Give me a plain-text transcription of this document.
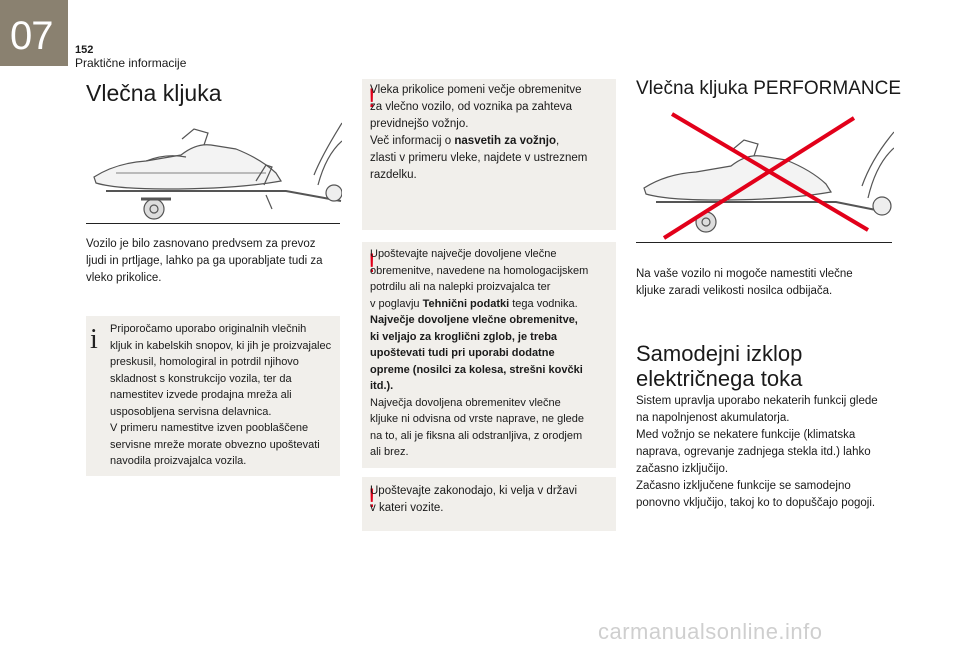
07 152
Praktične informacije
Vlečna kljuka
Vozilo je bilo zasnovano predvsem za prevoz
ljudi in prtljage, lahko pa ga uporabljate tudi za
vleko prikolice.
i Priporočamo uporabo originalnih vlečnih
kljuk in kabelskih snopov, ki jih je proizvajalec
preskusil, homologiral in potrdil njihovo
skladnost s konstrukcijo vozila, ter da
namestitev izvede prodajna mreža ali
usposobljena servisna delavnica.
V primeru namestitve izven pooblaščene
servisne mreže morate obvezno upoštevati
navodila proizvajalca vozila.
!
Vleka prikolice pomeni večje obremenitve
za vlečno vozilo, od voznika pa zahteva
previdnejšo vožnjo.
Več informacij o nasvetih za vožnjo,
zlasti v primeru vleke, najdete v ustreznem
razdelku.
!
Upoštevajte največje dovoljene vlečne
obremenitve, navedene na homologacijskem
potrdilu ali na nalepki proizvajalca ter
v poglavju Tehnični podatki tega vodnika.
Največje dovoljene vlečne obremenitve,
ki veljajo za kroglični zglob, je treba
upoštevati tudi pri uporabi dodatne
opreme (nosilci za kolesa, strešni kovčki
itd.).
Največja dovoljena obremenitev vlečne
kljuke ni odvisna od vrste naprave, ne glede
na to, ali je fiksna ali odstranljiva, z orodjem
ali brez.
!
Upoštevajte zakonodajo, ki velja v državi
v kateri vozite.
Vlečna kljuka PERFORMANCE
Na vaše vozilo ni mogoče namestiti vlečne
kljuke zaradi velikosti nosilca odbijača.
Samodejni izklop
električnega toka
Sistem upravlja uporabo nekaterih funkcij glede
na napolnjenost akumulatorja.
Med vožnjo se nekatere funkcije (klimatska
naprava, ogrevanje zadnjega stekla itd.) lahko
začasno izključijo.
Začasno izključene funkcije se samodejno
ponovno vključijo, takoj ko to dopuščajo pogoji.
carmanualsonline.info
